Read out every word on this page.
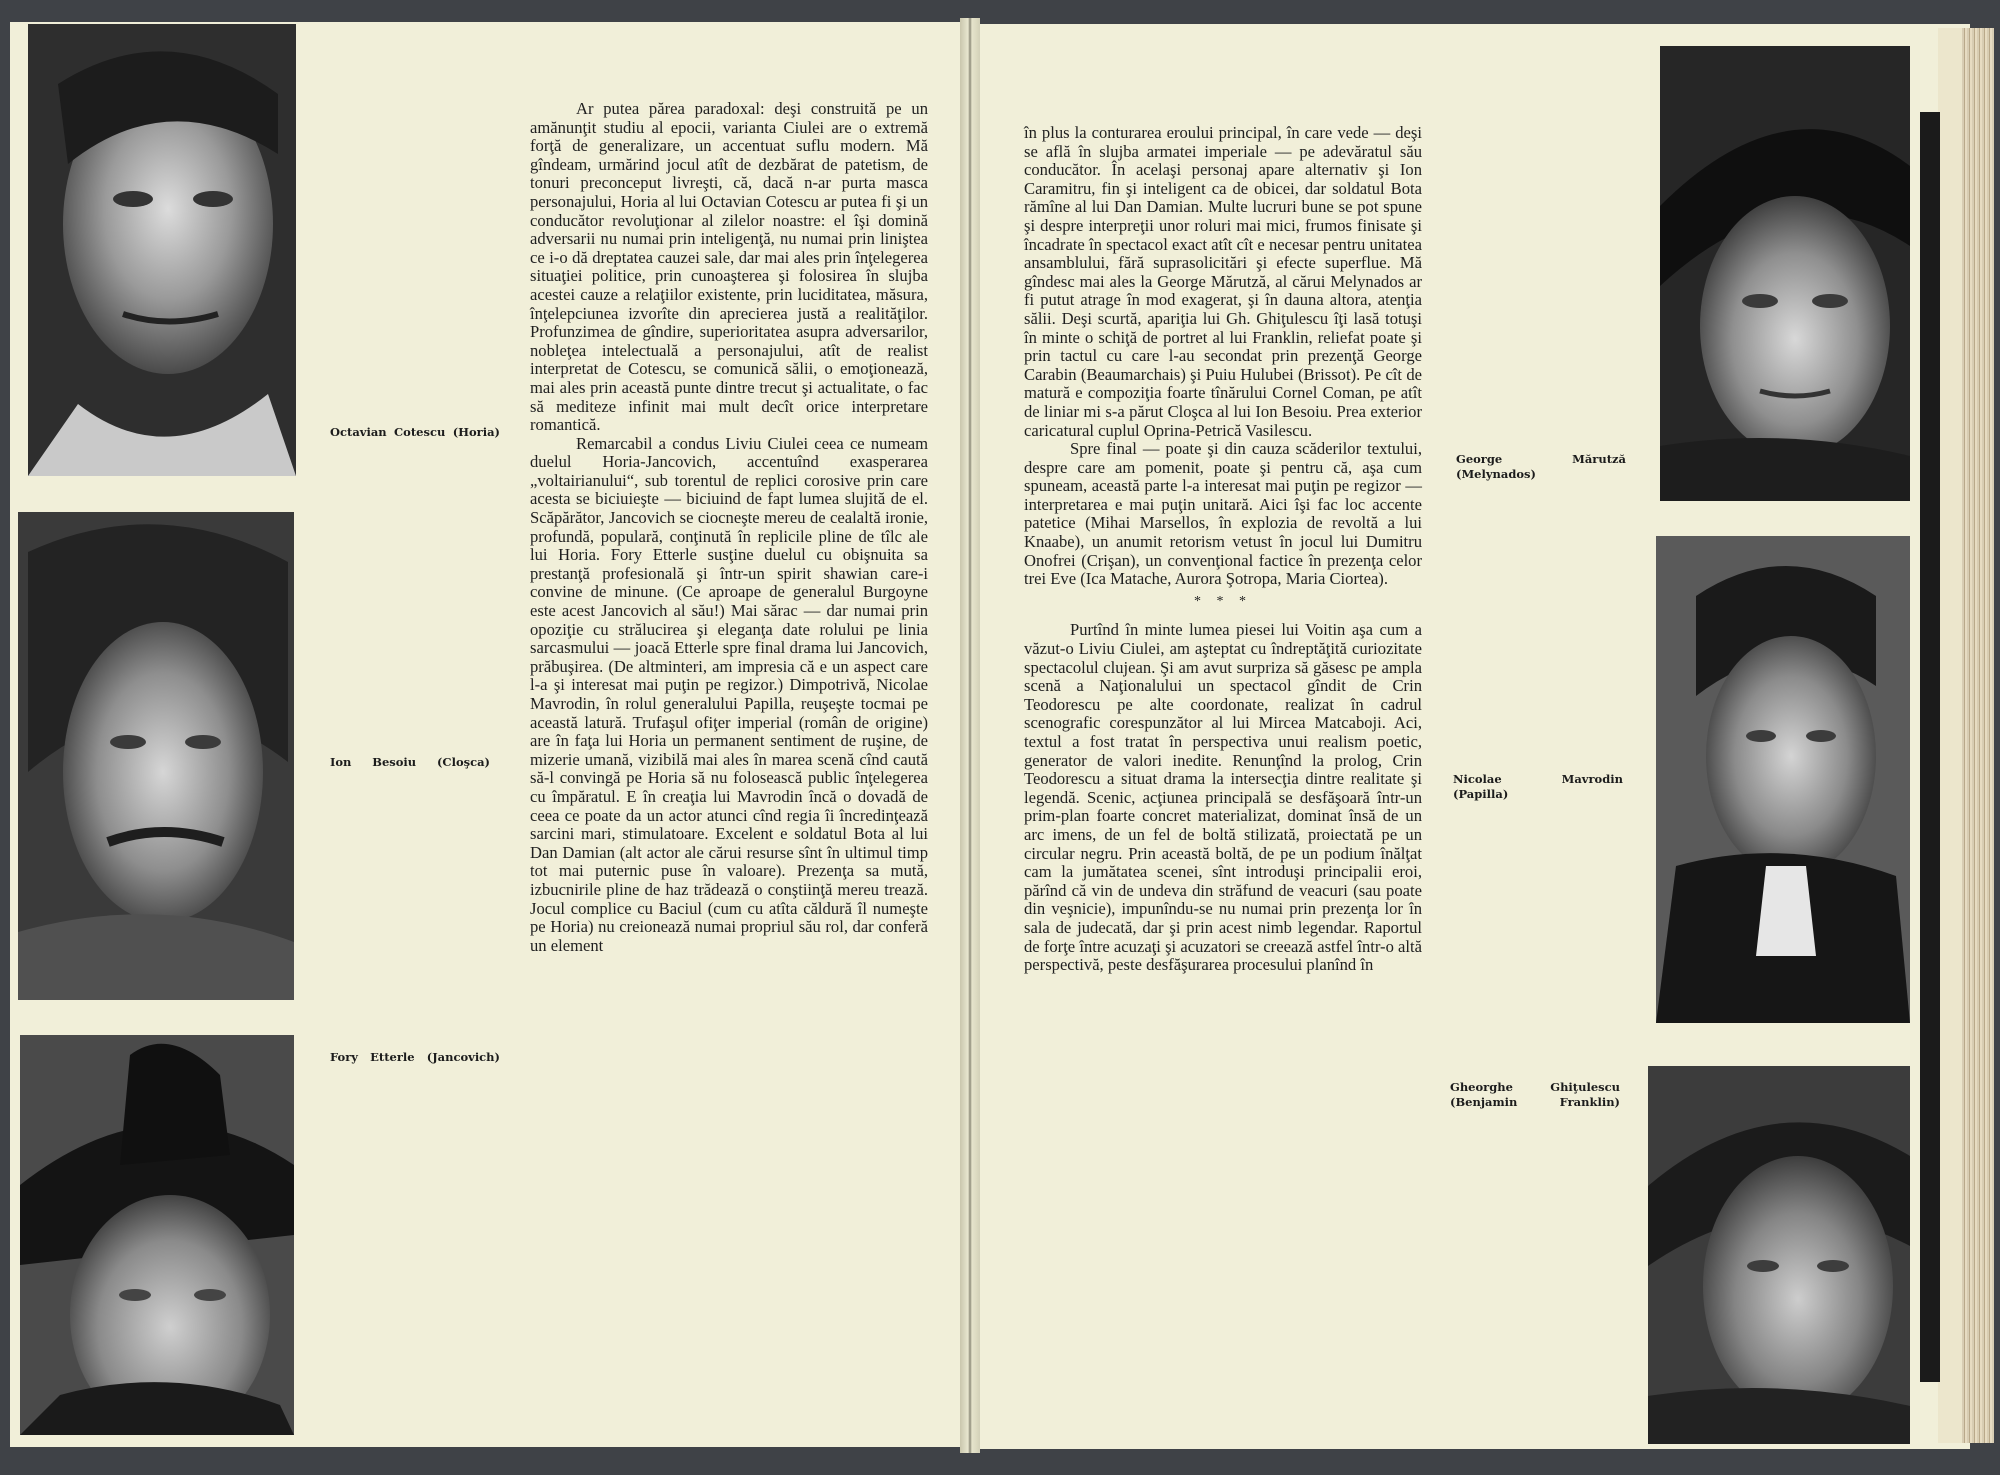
Octavian Cotescu (Horia)
Ion Besoiu (Cloşca)
Fory Etterle (Jancovich)

Ar putea părea paradoxal: deşi construită pe un amănunţit studiu al epocii, varianta Ciulei are o extremă forţă de generalizare, un accentuat suflu modern. Mă gîndeam, urmărind jocul atît de dezbărat de patetism, de tonuri preconceput livreşti, că, dacă n-ar purta masca personajului, Horia al lui Octavian Cotescu ar putea fi şi un conducător revoluţionar al zilelor noastre: el îşi domină adversarii nu numai prin inteligenţă, nu numai prin liniştea ce i-o dă dreptatea cauzei sale, dar mai ales prin înţelegerea situaţiei politice, prin cunoaşterea şi folosirea în slujba acestei cauze a relaţiilor existente, prin luciditatea, măsura, înţelepciunea izvorîte din aprecierea justă a realităţilor. Profunzimea de gîndire, superioritatea asupra adversarilor, nobleţea intelectuală a personajului, atît de realist interpretat de Cotescu, se comunică sălii, o emoţionează, mai ales prin această punte dintre trecut şi actualitate, o fac să mediteze infinit mai mult decît orice interpretare romantică.

Remarcabil a condus Liviu Ciulei ceea ce numeam duelul Horia-Jancovich, accentuînd exasperarea „voltairianului“, sub torentul de replici corosive prin care acesta se biciuieşte — biciuind de fapt lumea slujită de el. Scăpărător, Jancovich se ciocneşte mereu de cealaltă ironie, profundă, populară, conţinută în replicile pline de tîlc ale lui Horia. Fory Etterle susţine duelul cu obişnuita sa prestanţă profesională şi într-un spirit shawian care-i convine de minune. (Ce aproape de generalul Burgoyne este acest Jancovich al său!) Mai sărac — dar numai prin opoziţie cu strălucirea şi eleganţa date rolului pe linia sarcasmului — joacă Etterle spre final drama lui Jancovich, prăbuşirea. (De altminteri, am impresia că e un aspect care l-a şi interesat mai puţin pe regizor.) Dimpotrivă, Nicolae Mavrodin, în rolul generalului Papilla, reuşeşte tocmai pe această latură. Trufaşul ofiţer imperial (român de origine) are în faţa lui Horia un permanent sentiment de ruşine, de mizerie umană, vizibilă mai ales în marea scenă cînd caută să-l convingă pe Horia să nu folosească public înţelegerea cu împăratul. E în creaţia lui Mavrodin încă o dovadă de ceea ce poate da un actor atunci cînd regia îi încredinţează sarcini mari, stimulatoare. Excelent e soldatul Bota al lui Dan Damian (alt actor ale cărui resurse sînt în ultimul timp tot mai puternic puse în valoare). Prezenţa sa mută, izbucnirile pline de haz trădează o conştiinţă mereu trează. Jocul complice cu Baciul (cum cu atîta căldură îl numeşte pe Horia) nu creionează numai propriul său rol, dar conferă un element

în plus la conturarea eroului principal, în care vede — deşi se află în slujba armatei imperiale — pe adevăratul său conducător. În acelaşi personaj apare alternativ şi Ion Caramitru, fin şi inteligent ca de obicei, dar soldatul Bota rămîne al lui Dan Damian. Multe lucruri bune se pot spune şi despre interpreţii unor roluri mai mici, frumos finisate şi încadrate în spectacol exact atît cît e necesar pentru unitatea ansamblului, fără suprasolicitări şi efecte superflue. Mă gîndesc mai ales la George Mărutză, al cărui Melynados ar fi putut atrage în mod exagerat, şi în dauna altora, atenţia sălii. Deşi scurtă, apariţia lui Gh. Ghiţulescu îţi lasă totuşi în minte o schiţă de portret al lui Franklin, reliefat poate şi prin tactul cu care l-au secondat prin prezenţă George Carabin (Beaumarchais) şi Puiu Hulubei (Brissot). Pe cît de matură e compoziţia foarte tînărului Cornel Coman, pe atît de liniar mi s-a părut Cloşca al lui Ion Besoiu. Prea exterior caricatural cuplul Oprina-Petrică Vasilescu.

Spre final — poate şi din cauza scăderilor textului, despre care am pomenit, poate şi pentru că, aşa cum spuneam, această parte l-a interesat mai puţin pe regizor — interpretarea e mai puţin unitară. Aici îşi fac loc accente patetice (Mihai Marsellos, în explozia de revoltă a lui Knaabe), un anumit retorism vetust în jocul lui Dumitru Onofrei (Crişan), un convenţional factice în prezenţa celor trei Eve (Ica Matache, Aurora Şotropa, Maria Ciortea).

* * *

Purtînd în minte lumea piesei lui Voitin aşa cum a văzut-o Liviu Ciulei, am aşteptat cu îndreptăţită curiozitate spectacolul clujean. Şi am avut surpriza să găsesc pe ampla scenă a Naţionalului un spectacol gîndit de Crin Teodorescu pe alte coordonate, realizat în cadrul scenografic corespunzător al lui Mircea Matcaboji. Aci, textul a fost tratat în perspectiva unui realism poetic, generator de valori inedite. Renunţînd la prolog, Crin Teodorescu a situat drama la intersecţia dintre realitate şi legendă. Scenic, acţiunea principală se desfăşoară într-un prim-plan foarte concret materializat, dominat însă de un arc imens, de un fel de boltă stilizată, proiectată pe un circular negru. Prin această boltă, de pe un podium înălţat cam la jumătatea scenei, sînt introduşi principalii eroi, părînd că vin de undeva din străfund de veacuri (sau poate din veşnicie), impunîndu-se nu numai prin prezenţa lor în sala de judecată, dar şi prin acest nimb legendar. Raportul de forţe între acuzaţi şi acuzatori se creează astfel într-o altă perspectivă, peste desfăşurarea procesului planînd în

George Mărutză (Melynados)
Nicolae Mavrodin (Papilla)
Gheorghe Ghiţulescu (Benjamin Franklin)
